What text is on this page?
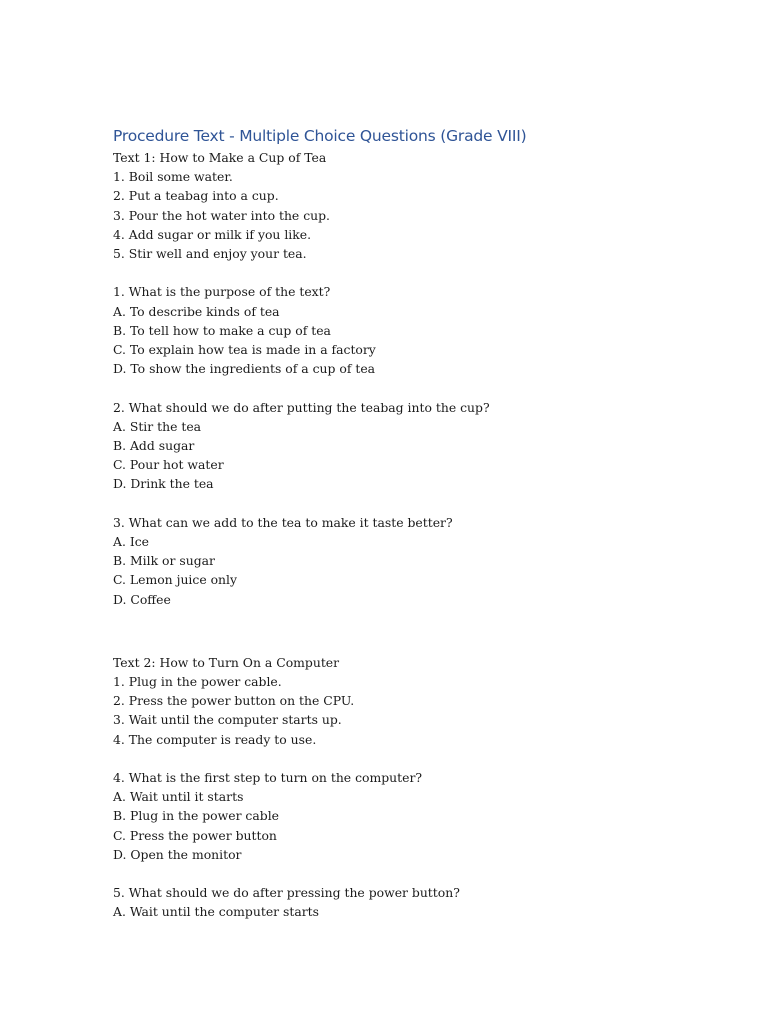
Procedure Text - Multiple Choice Questions (Grade VIII)
Text 1: How to Make a Cup of Tea
1. Boil some water.
2. Put a teabag into a cup.
3. Pour the hot water into the cup.
4. Add sugar or milk if you like.
5. Stir well and enjoy your tea.
1. What is the purpose of the text?
A. To describe kinds of tea
B. To tell how to make a cup of tea
C. To explain how tea is made in a factory
D. To show the ingredients of a cup of tea
2. What should we do after putting the teabag into the cup?
A. Stir the tea
B. Add sugar
C. Pour hot water
D. Drink the tea
3. What can we add to the tea to make it taste better?
A. Ice
B. Milk or sugar
C. Lemon juice only
D. Coffee
Text 2: How to Turn On a Computer
1. Plug in the power cable.
2. Press the power button on the CPU.
3. Wait until the computer starts up.
4. The computer is ready to use.
4. What is the first step to turn on the computer?
A. Wait until it starts
B. Plug in the power cable
C. Press the power button
D. Open the monitor
5. What should we do after pressing the power button?
A. Wait until the computer starts
